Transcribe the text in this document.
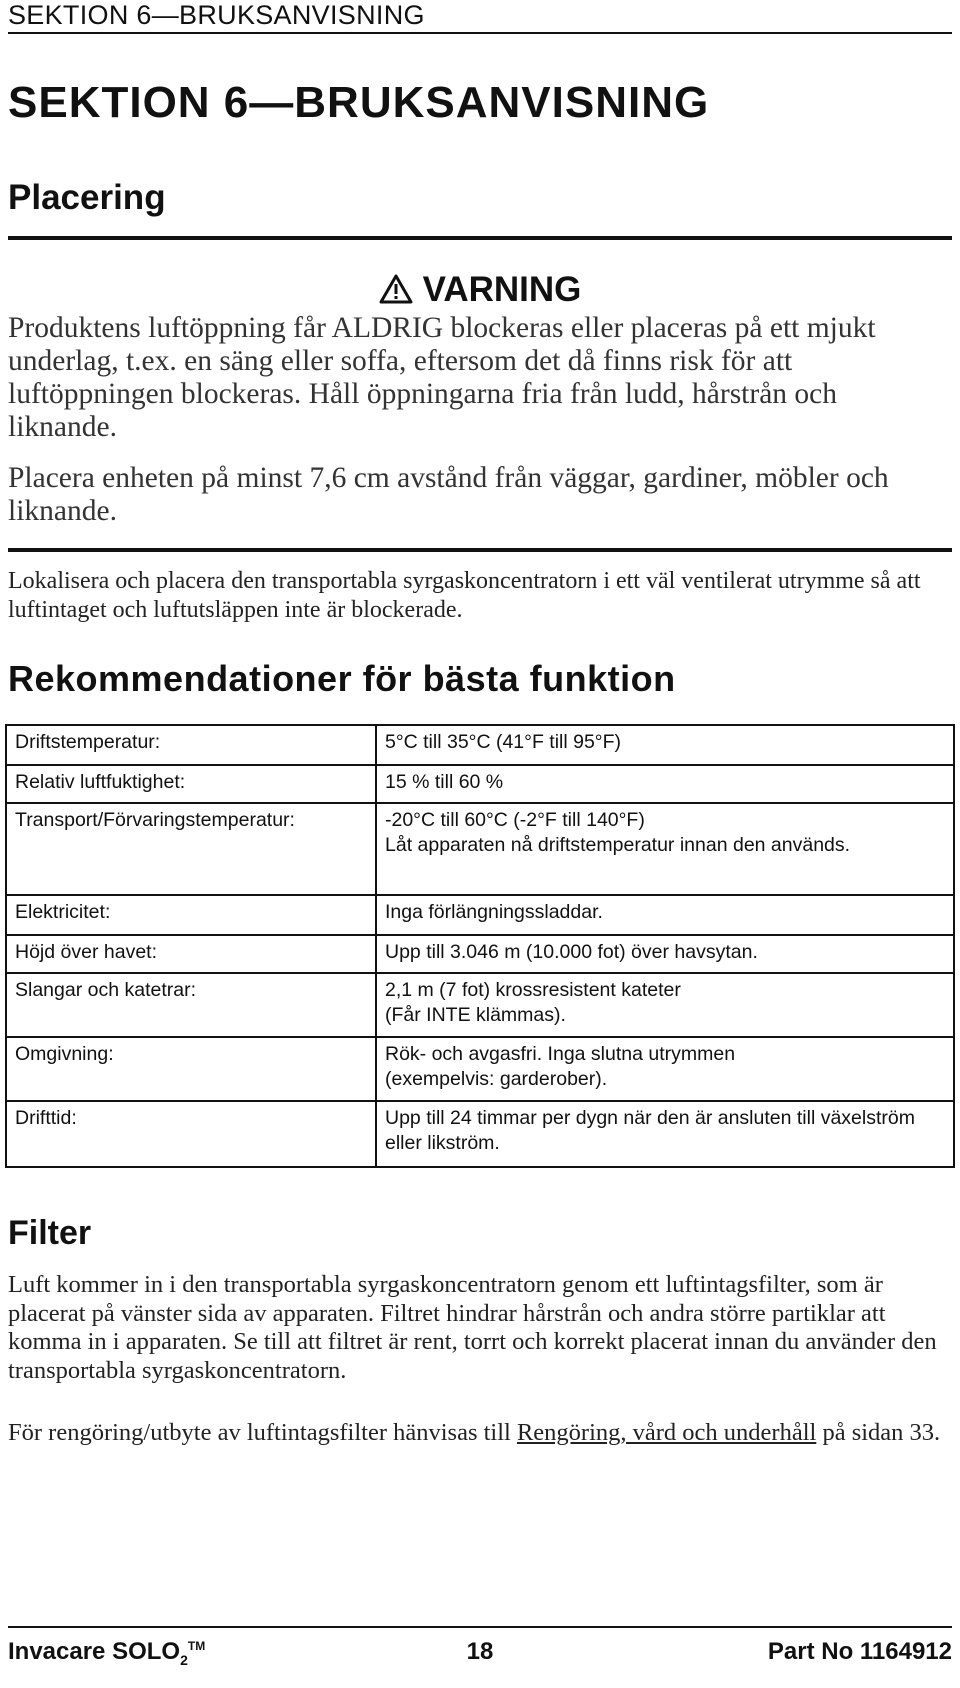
SEKTION 6—BRUKSANVISNING
SEKTION 6—BRUKSANVISNING
Placering
VARNING

Produktens luftöppning får ALDRIG blockeras eller placeras på ett mjukt underlag, t.ex. en säng eller soffa, eftersom det då finns risk för att luftöppningen blockeras. Håll öppningarna fria från ludd, hårstrån och liknande.

Placera enheten på minst 7,6 cm avstånd från väggar, gardiner, möbler och liknande.

Lokalisera och placera den transportabla syrgaskoncentratorn i ett väl ventilerat utrymme så att luftintaget och luftutsläppen inte är blockerade.

Rekommendationer för bästa funktion
Driftstemperatur:	5°C till 35°C (41°F till 95°F)
Relativ luftfuktighet:	15 % till 60 %
Transport/Förvaringstemperatur:	-20°C till 60°C (-2°F till 140°F)
Låt apparaten nå driftstemperatur innan den används.

Elektricitet:	Inga förlängningssladdar.
Höjd över havet:	Upp till 3.046 m (10.000 fot) över havsytan.
Slangar och katetrar:	2,1 m (7 fot) krossresistent kateter
(Får INTE klämmas).

Omgivning:	Rök- och avgasfri. Inga slutna utrymmen
(exempelvis: garderober).

Drifttid:	Upp till 24 timmar per dygn när den är ansluten till växelström eller likström.
Filter

Luft kommer in i den transportabla syrgaskoncentratorn genom ett luftintagsfilter, som är placerat på vänster sida av apparaten. Filtret hindrar hårstrån och andra större partiklar att komma in i apparaten. Se till att filtret är rent, torrt och korrekt placerat innan du använder den transportabla syrgaskoncentratorn.

För rengöring/utbyte av luftintagsfilter hänvisas till Rengöring, vård och underhåll på sidan 33.

Invacare $SOLO_2™$	18	Part No 1164912
